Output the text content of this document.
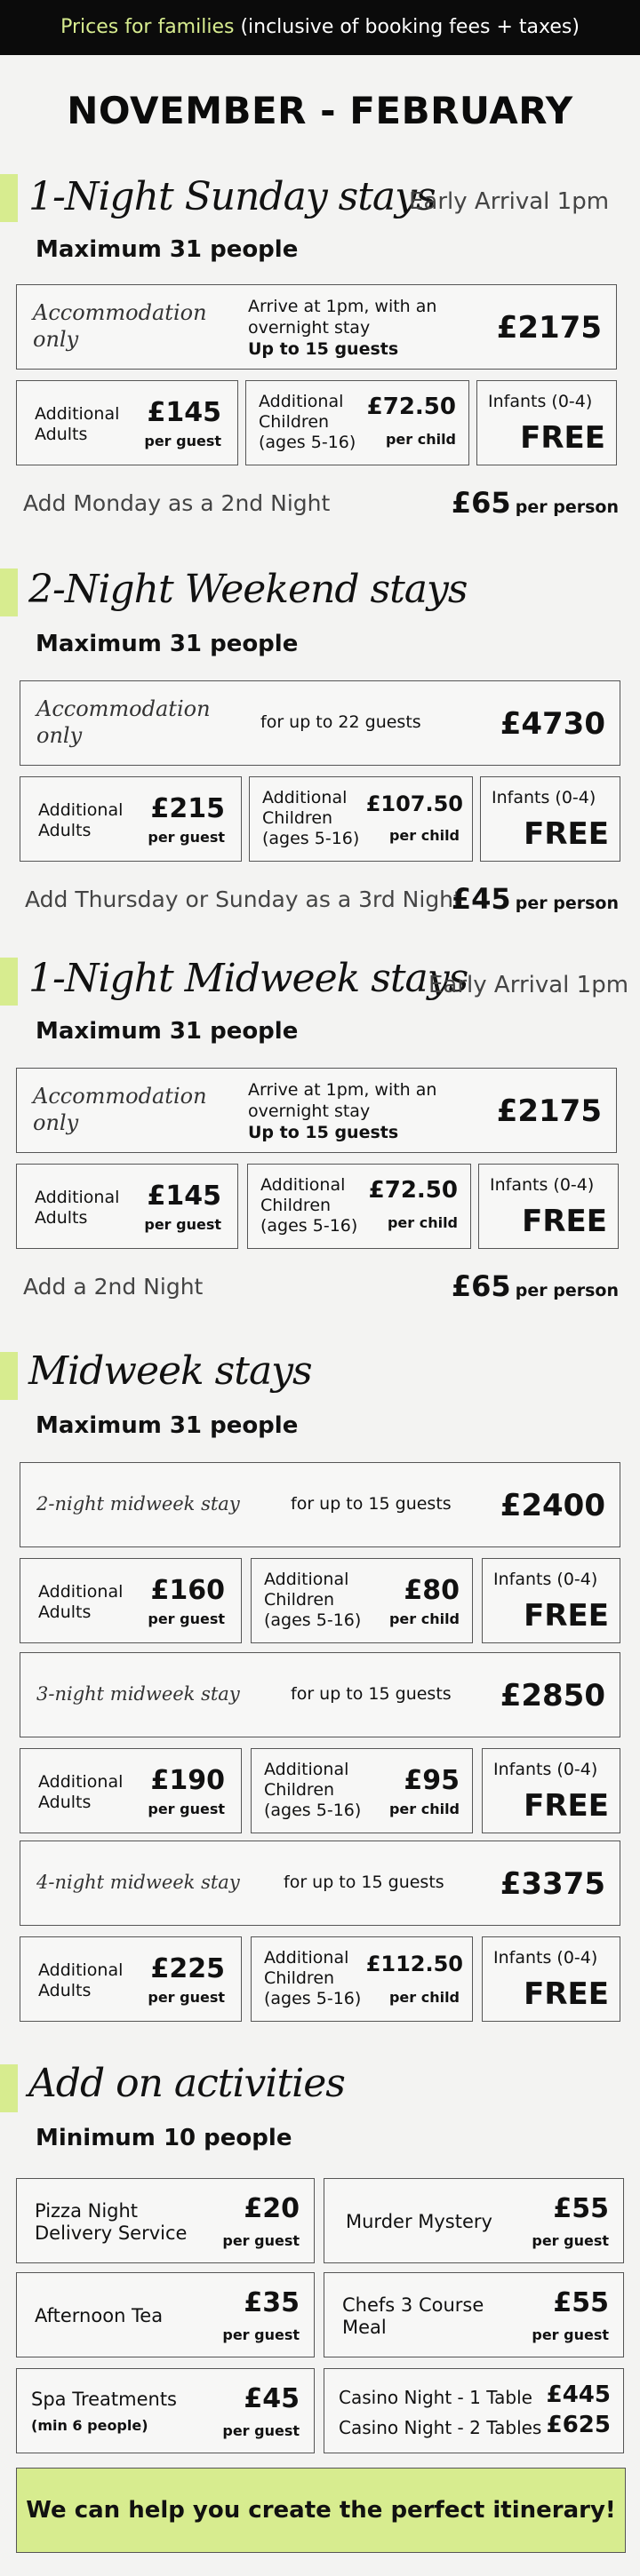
Prices for families (inclusive of booking fees + taxes)
NOVEMBER - FEBRUARY
1-Night Sunday stays
Early Arrival 1pm
Maximum 31 people
Accommodation only
Arrive at 1pm, with an
overnight stay
Up to 15 guests
£2175
Additional
Adults
£145
per guest
Additional
Children
(ages 5-16)
£72.50
per child
Infants (0-4)
FREE
Add Monday as a 2nd Night	£65 per person
2-Night Weekend stays
Maximum 31 people
Accommodation only
for up to 22 guests	£4730
Additional
Adults
£215
per guest
Additional
Children
(ages 5-16)
£107.50
per child
Infants (0-4)
FREE
Add Thursday or Sunday as a 3rd Night
£45 per person
1-Night Midweek stays
Early Arrival 1pm
Maximum 31 people
Accommodation only
Arrive at 1pm, with an
overnight stay
Up to 15 guests
£2175
Additional
Adults
£145
per guest
Additional
Children
(ages 5-16)
£72.50
per child
Infants (0-4)
FREE
Add a 2nd Night	£65 per person
Midweek stays
Maximum 31 people
2-night midweek stay	for up to 15 guests £2400
Additional
Adults
£160
per guest
Additional
Children
(ages 5-16)
£80
per child
Infants (0-4)
FREE
3-night midweek stay	for up to 15 guests £2850
Additional
Adults
£190
per guest
Additional
Children
(ages 5-16)
£95
per child
Infants (0-4)
FREE
4-night midweek stay	for up to 15 guests £3375
Additional
Adults
£225
per guest
Additional
Children
(ages 5-16)
£112.50
per child
Infants (0-4)
FREE
Add on activities
Minimum 10 people
Pizza Night
Delivery Service
£20
per guest
Murder Mystery £55
per guest
Afternoon Tea	£35
per guest
Chefs 3 Course
Meal
£55
per guest
Spa Treatments
(min 6 people)
£45
per guest
Casino Night - 1 Table £445
Casino Night - 2 Tables £625
We can help you create the perfect itinerary!
